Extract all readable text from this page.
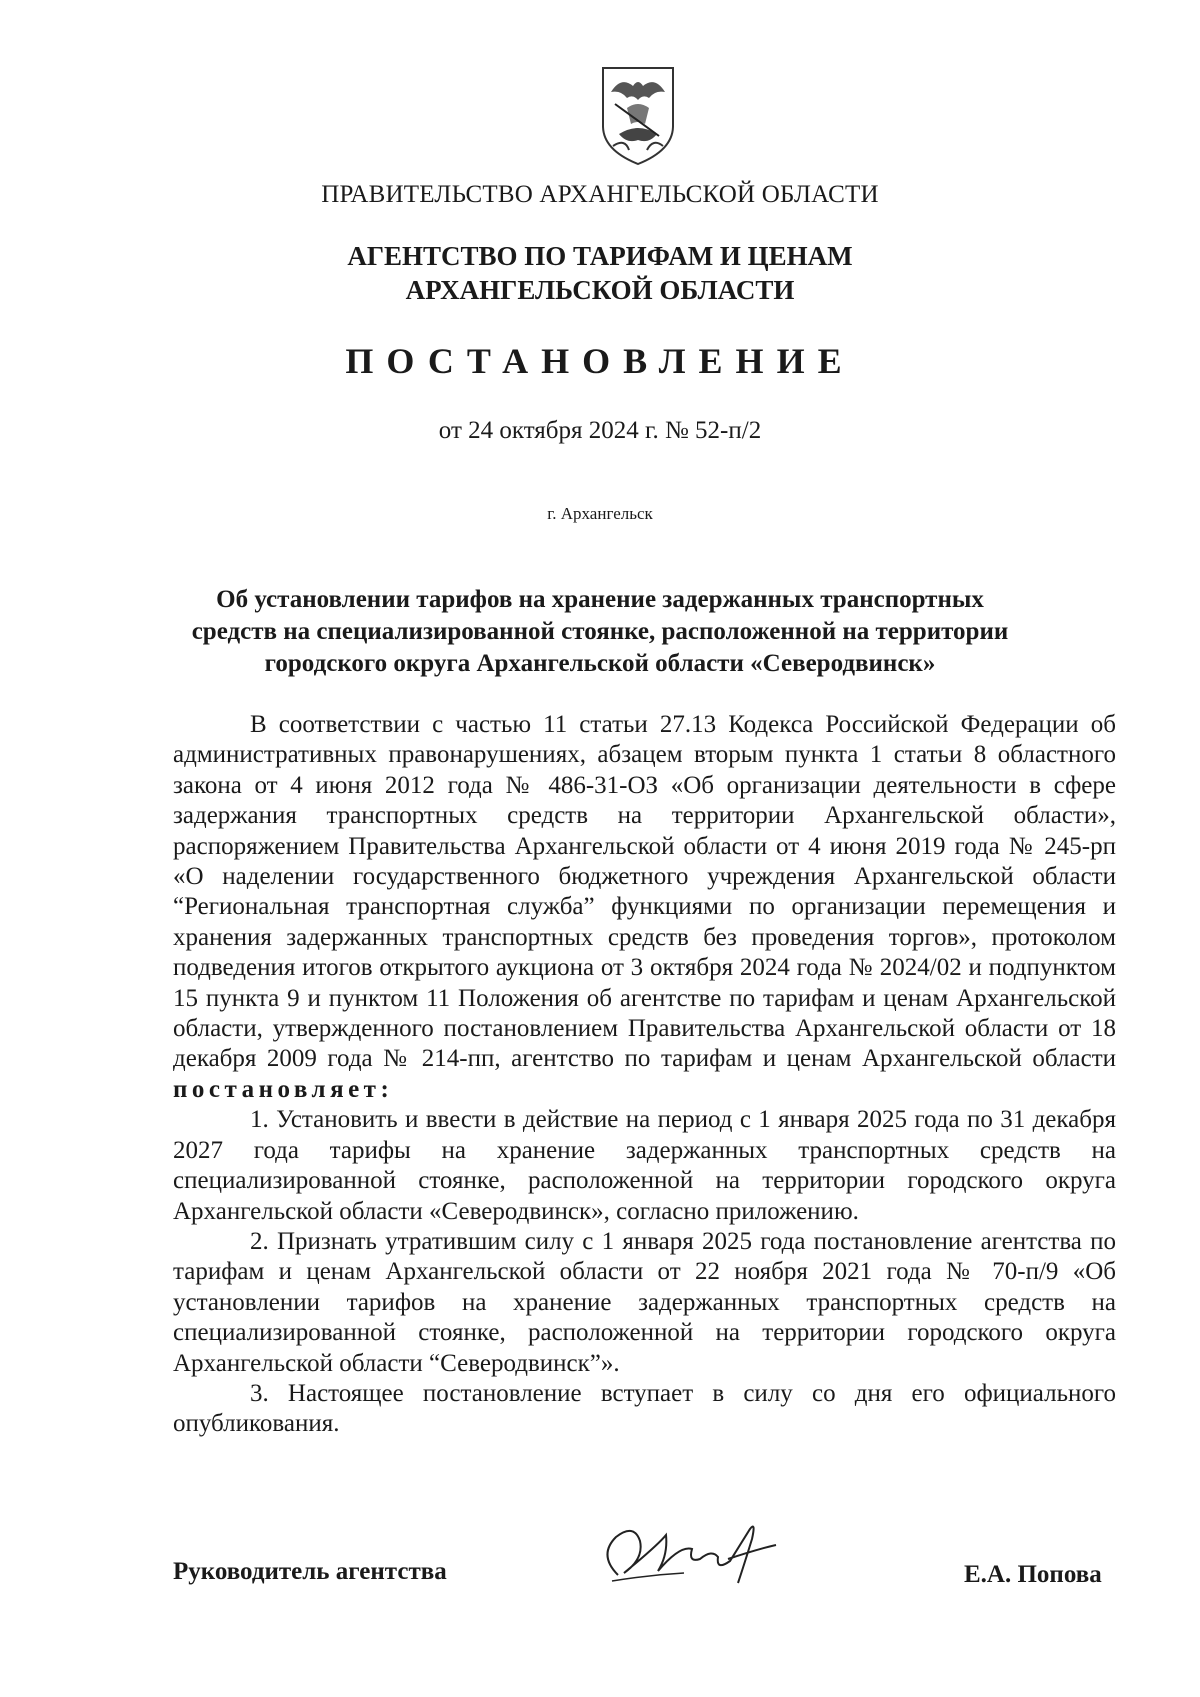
ПРАВИТЕЛЬСТВО АРХАНГЕЛЬСКОЙ ОБЛАСТИ
АГЕНТСТВО ПО ТАРИФАМ И ЦЕНАМ
АРХАНГЕЛЬСКОЙ ОБЛАСТИ
ПОСТАНОВЛЕНИЕ
от 24 октября 2024 г. № 52-п/2
г. Архангельск
Об установлении тарифов на хранение задержанных транспортных
средств на специализированной стоянке, расположенной на территории
городского округа Архангельской области «Северодвинск»

В соответствии с частью 11 статьи 27.13 Кодекса Российской Федерации об административных правонарушениях, абзацем вторым пункта 1 статьи 8 областного закона от 4 июня 2012 года № 486-31-ОЗ «Об организации деятельности в сфере задержания транспортных средств на территории Архангельской области», распоряжением Правительства Архангельской области от 4 июня 2019 года № 245-рп «О наделении государственного бюджетного учреждения Архангельской области “Региональная транспортная служба” функциями по организации перемещения и хранения задержанных транспортных средств без проведения торгов», протоколом подведения итогов открытого аукциона от 3 октября 2024 года № 2024/02 и подпунктом 15 пункта 9 и пунктом 11 Положения об агентстве по тарифам и ценам Архангельской области, утвержденного постановлением Правительства Архангельской области от 18 декабря 2009 года № 214-пп, агентство по тарифам и ценам Архангельской области постановляет:

1. Установить и ввести в действие на период с 1 января 2025 года по 31 декабря 2027 года тарифы на хранение задержанных транспортных средств на специализированной стоянке, расположенной на территории городского округа Архангельской области «Северодвинск», согласно приложению.

2. Признать утратившим силу с 1 января 2025 года постановление агентства по тарифам и ценам Архангельской области от 22 ноября 2021 года № 70-п/9 «Об установлении тарифов на хранение задержанных транспортных средств на специализированной стоянке, расположенной на территории городского округа Архангельской области “Северодвинск”».

3. Настоящее постановление вступает в силу со дня его официального опубликования.

Руководитель агентства	Е.А. Попова
